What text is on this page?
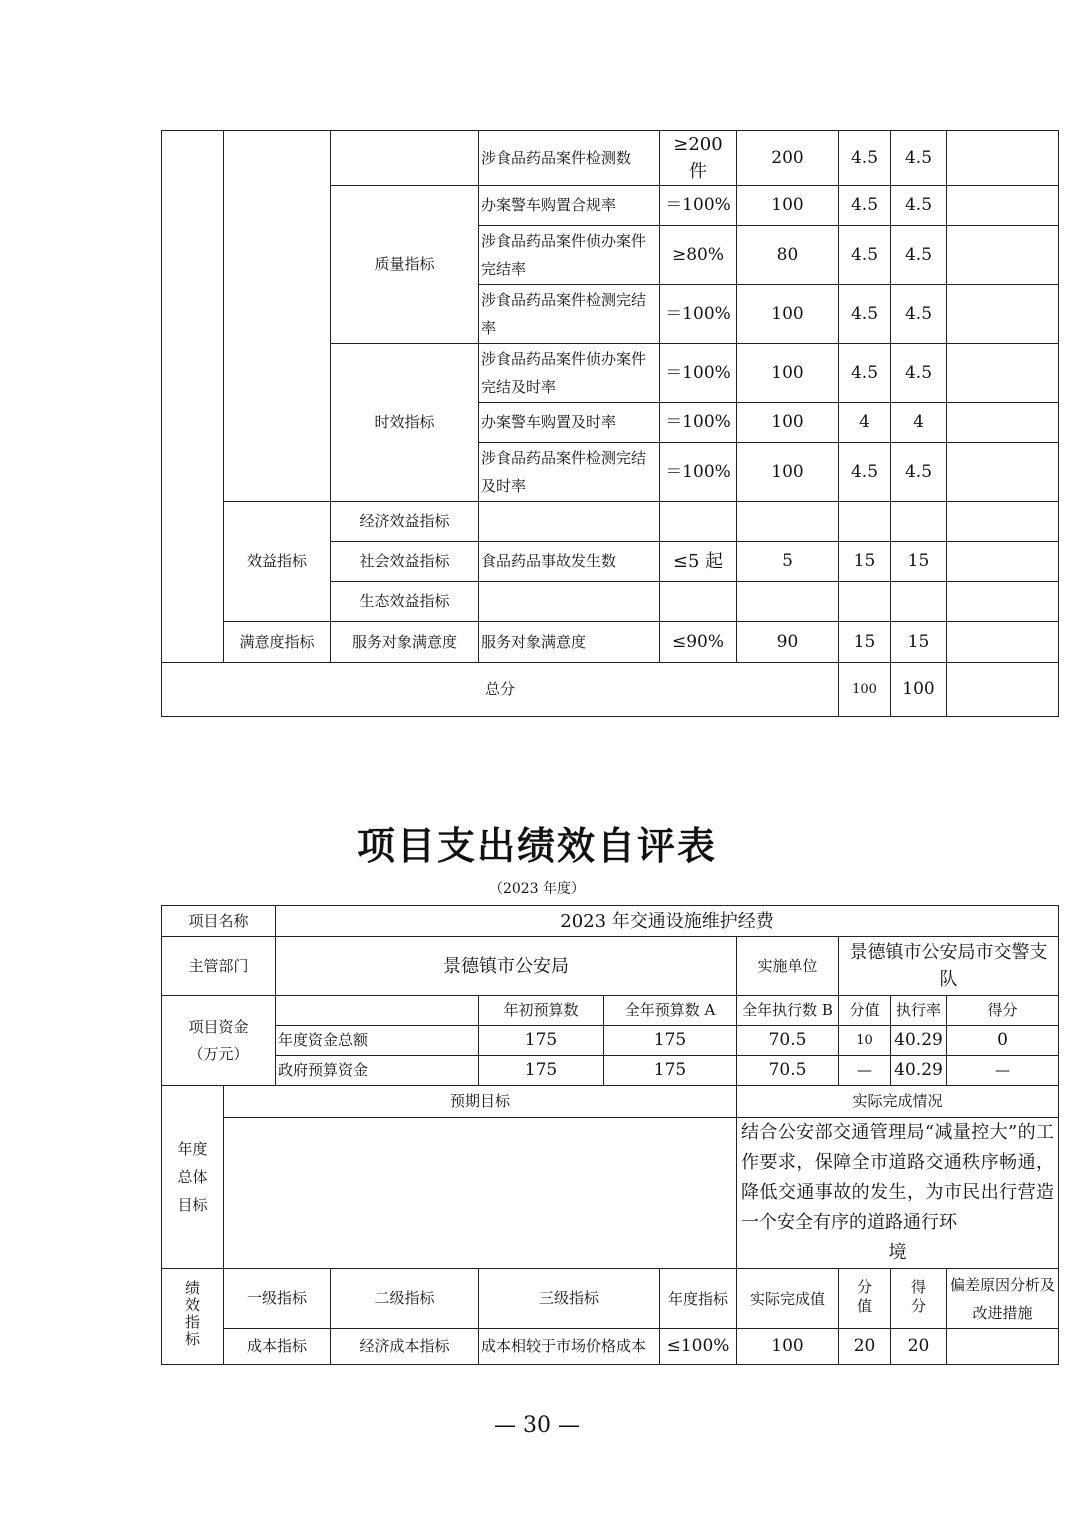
			涉食品药品案件检测数	≥200 件	200	4.5	4.5	
		质量指标	办案警车购置合规率	＝100%	100	4.5	4.5	
			涉食品药品案件侦办案件完结率	≥80%	80	4.5	4.5	
			涉食品药品案件检测完结率	＝100%	100	4.5	4.5	
		时效指标	涉食品药品案件侦办案件完结及时率	＝100%	100	4.5	4.5	
			办案警车购置及时率	＝100%	100	4	4	
			涉食品药品案件检测完结及时率	＝100%	100	4.5	4.5	
	效益指标	经济效益指标						
		社会效益指标	食品药品事故发生数	≤5 起	5	15	15	
		生态效益指标						
	满意度指标	服务对象满意度	服务对象满意度	≤90%	90	15	15	
总分						100	100	
项目支出绩效自评表
（2023 年度）
项目名称		2023 年交通设施维护经费								
主管部门		景德镇市公安局					实施单位	景德镇市公安局市交警支队		

项目资金
（万元）				年初预算数	全年预算数 A		全年执行数 B	分值	执行率	得分
		年度资金总额		175	175		70.5	10	40.29	0
		政府预算资金		175	175		70.5	—	40.29	—
年度总体目标	预期目标						实际完成情况			

							结合公安部交通管理局“减量控大”的工作要求，保障全市道路交通秩序畅通，降低交通事故的发生，为市民出行营造一个安全有序的道路通行环
境			

绩效指标	一级指标		二级指标	三级指标		年度指标	实际完成值	分值	得分	偏差原因分析及改进措施
	成本指标		经济成本指标	成本相较于市场价格成本		≤100%	100	20	20	
— 30 —
